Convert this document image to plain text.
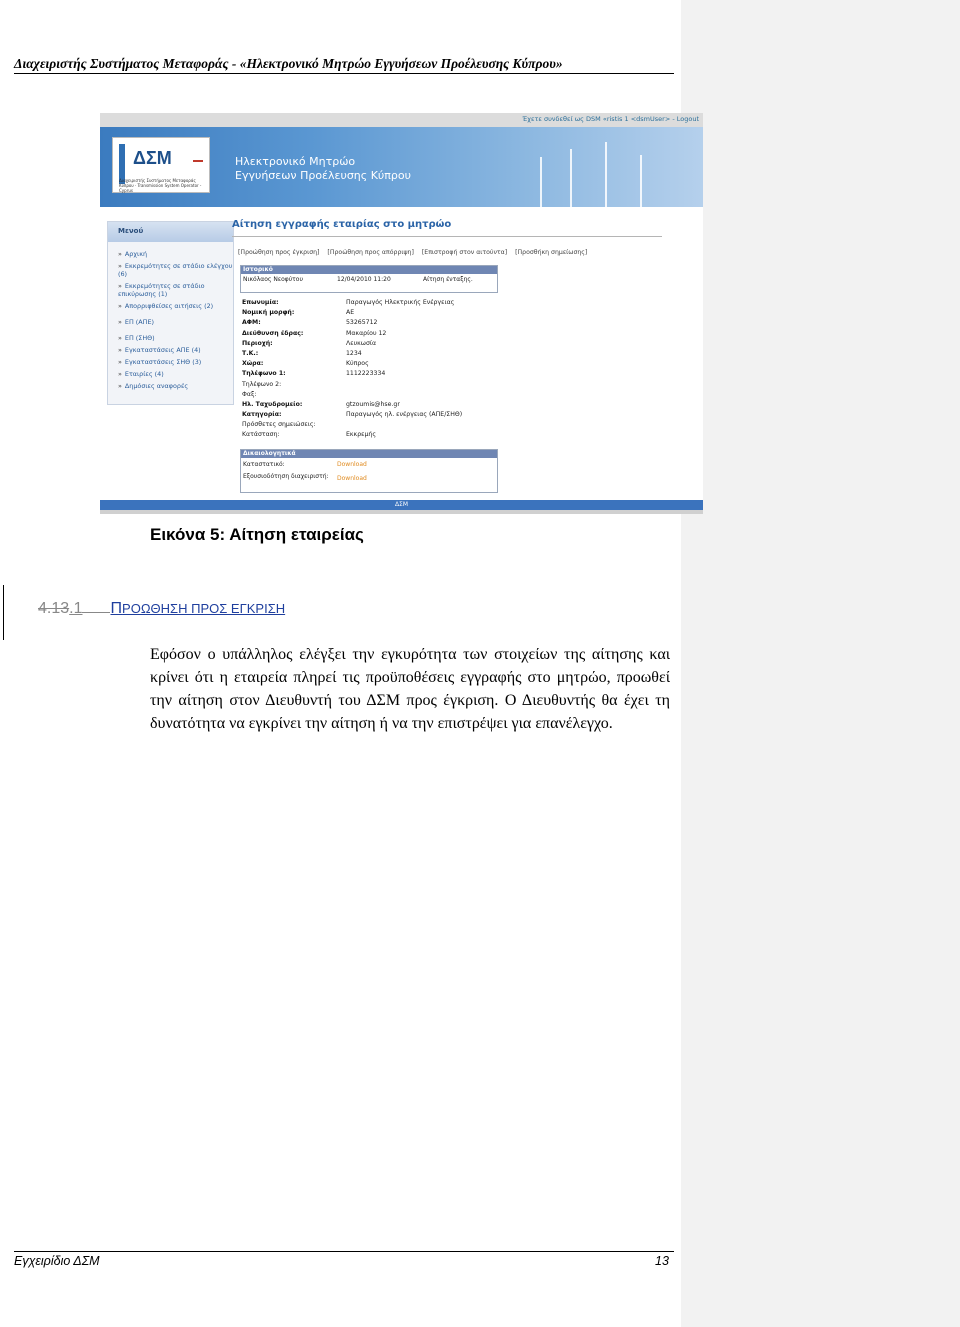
Διαχειριστής Συστήματος Μεταφοράς - «Ηλεκτρονικό Μητρώο Εγγυήσεων Προέλευσης Κύπρου»
Έχετε συνδεθεί ως DSM «ristis 1 <dsmUser> - Logout
ΔΣΜ
Διαχειριστής Συστήματος Μεταφοράς Κύπρου · Transmission System Operator - Cyprus
Ηλεκτρονικό Μητρώο
Εγγυήσεων Προέλευσης Κύπρου
Μενού
» Αρχική
» Εκκρεμότητες σε στάδιο ελέγχου (6)
» Εκκρεμότητες σε στάδιο επικύρωσης (1)
» Απορριφθείσες αιτήσεις (2)
» ΕΠ (ΑΠΕ)
» ΕΠ (ΣΗΘ)
» Εγκαταστάσεις ΑΠΕ (4)
» Εγκαταστάσεις ΣΗΘ (3)
» Εταιρίες (4)
» Δημόσιες αναφορές
Αίτηση εγγραφής εταιρίας στο μητρώο
[Προώθηση προς έγκριση] [Προώθηση προς απόρριψη] [Επιστροφή στον αιτούντα] [Προσθήκη σημείωσης]
Ιστορικό
Νικόλαος Νεοφύτου	12/04/2010 11:20	Αίτηση ένταξης.
Επωνυμία:	Παραγωγός Ηλεκτρικής Ενέργειας
Νομική μορφή:	ΑΕ
ΑΦΜ:	53265712
Διεύθυνση έδρας:	Μακαρίου 12
Περιοχή:	Λευκωσία
Τ.Κ.:	1234
Χώρα:	Κύπρος
Τηλέφωνο 1:	1112223334
Τηλέφωνο 2:
Φαξ:
Ηλ. Ταχυδρομείο:	gtzoumis@hse.gr
Κατηγορία:	Παραγωγός ηλ. ενέργειας (ΑΠΕ/ΣΗΘ)
Πρόσθετες σημειώσεις:
Κατάσταση:	Εκκρεμής
Δικαιολογητικά
Καταστατικό:	Download
Εξουσιοδότηση διαχειριστή:	Download
ΔΣΜ
Εικόνα 5: Αίτηση εταιρείας
4.13.1 ΠΡΟΩΘΗΣΗ ΠΡΟΣ ΕΓΚΡΙΣΗ
Εφόσον ο υπάλληλος ελέγξει την εγκυρότητα των στοιχείων της αίτησης και κρίνει ότι η εταιρεία πληρεί τις προϋποθέσεις εγγραφής στο μητρώο, προωθεί την αίτηση στον Διευθυντή του ΔΣΜ προς έγκριση. Ο Διευθυντής θα έχει τη δυνατότητα να εγκρίνει την αίτηση ή να την επιστρέψει για επανέλεγχο.
Εγχειρίδιο ΔΣΜ	13
